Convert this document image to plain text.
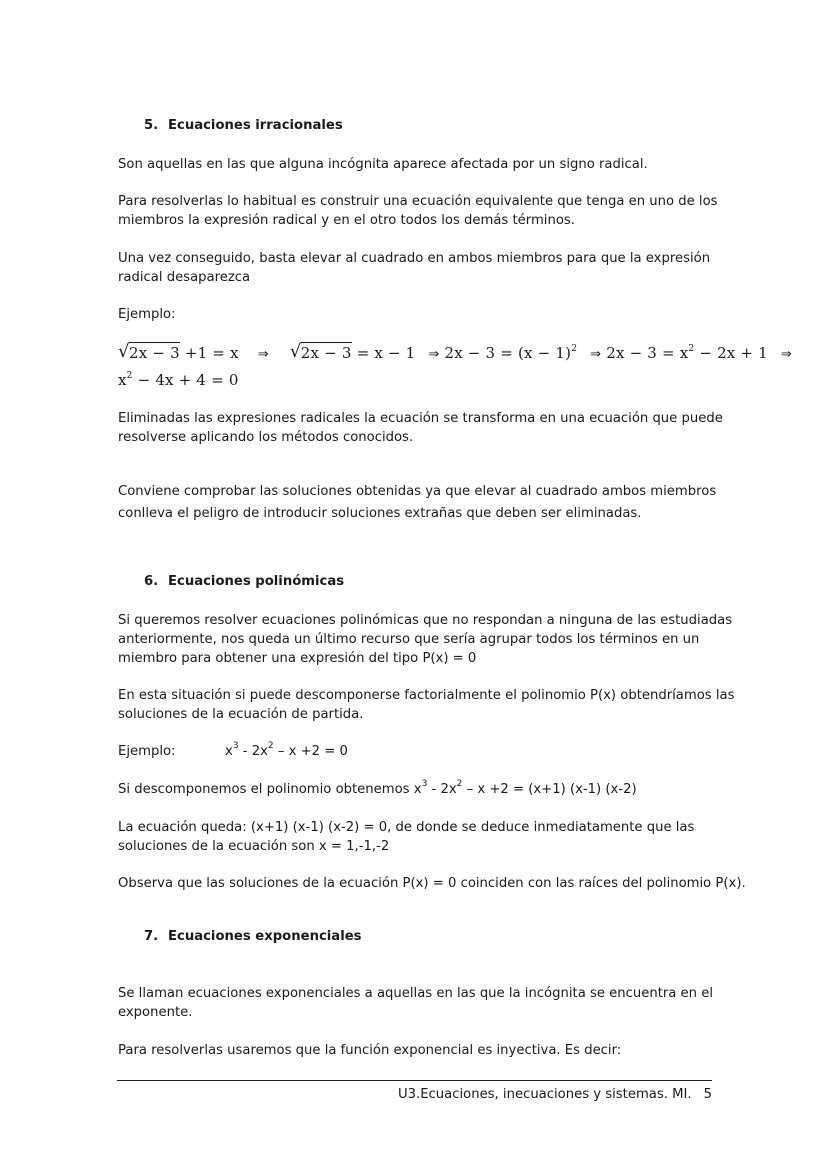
5. Ecuaciones irracionales
Son aquellas en las que alguna incógnita aparece afectada por un signo radical.
Para resolverlas lo habitual es construir una ecuación equivalente que tenga en uno de los
miembros la expresión radical y en el otro todos los demás términos.
Una vez conseguido, basta elevar al cuadrado en ambos miembros para que la expresión
radical desaparezca
Ejemplo:
√ 2x − 3 +1 = x ⇒ √ 2x − 3 = x − 1 ⇒ $2x - 3 = (x - 1)^2$ ⇒ $2x - 3 = x^2 - 2x + 1$ ⇒
$x^2 - 4x + 4 = 0$
Eliminadas las expresiones radicales la ecuación se transforma en una ecuación que puede
resolverse aplicando los métodos conocidos.
Conviene comprobar las soluciones obtenidas ya que elevar al cuadrado ambos miembros
conlleva el peligro de introducir soluciones extrañas que deben ser eliminadas.
6. Ecuaciones polinómicas
Si queremos resolver ecuaciones polinómicas que no respondan a ninguna de las estudiadas
anteriormente, nos queda un último recurso que sería agrupar todos los términos en un
miembro para obtener una expresión del tipo P(x) = 0
En esta situación si puede descomponerse factorialmente el polinomio P(x) obtendríamos las
soluciones de la ecuación de partida.
Ejemplo:	$x^3 - 2x^2 - x +2 = 0$
Si descomponemos el polinomio obtenemos $x^3 - 2x^2 - x +2 = (x+1)$ (x-1) (x-2)
La ecuación queda: (x+1) (x-1) (x-2) = 0, de donde se deduce inmediatamente que las
soluciones de la ecuación son x = 1,-1,-2
Observa que las soluciones de la ecuación P(x) = 0 coinciden con las raíces del polinomio P(x).
7. Ecuaciones exponenciales
Se llaman ecuaciones exponenciales a aquellas en las que la incógnita se encuentra en el
exponente.
Para resolverlas usaremos que la función exponencial es inyectiva. Es decir:
U3.Ecuaciones, inecuaciones y sistemas. MI. 5
